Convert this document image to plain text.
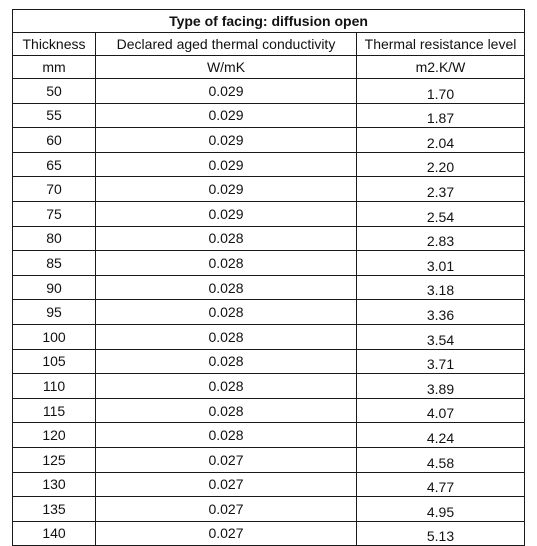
Type of facing: diffusion open		
Thickness	Declared aged thermal conductivity	Thermal resistance level
mm	W/mK	m2.K/W
50	0.029	1.70
55	0.029	1.87
60	0.029	2.04
65	0.029	2.20
70	0.029	2.37
75	0.029	2.54
80	0.028	2.83
85	0.028	3.01
90	0.028	3.18
95	0.028	3.36
100	0.028	3.54
105	0.028	3.71
110	0.028	3.89
115	0.028	4.07
120	0.028	4.24
125	0.027	4.58
130	0.027	4.77
135	0.027	4.95
140	0.027	5.13
